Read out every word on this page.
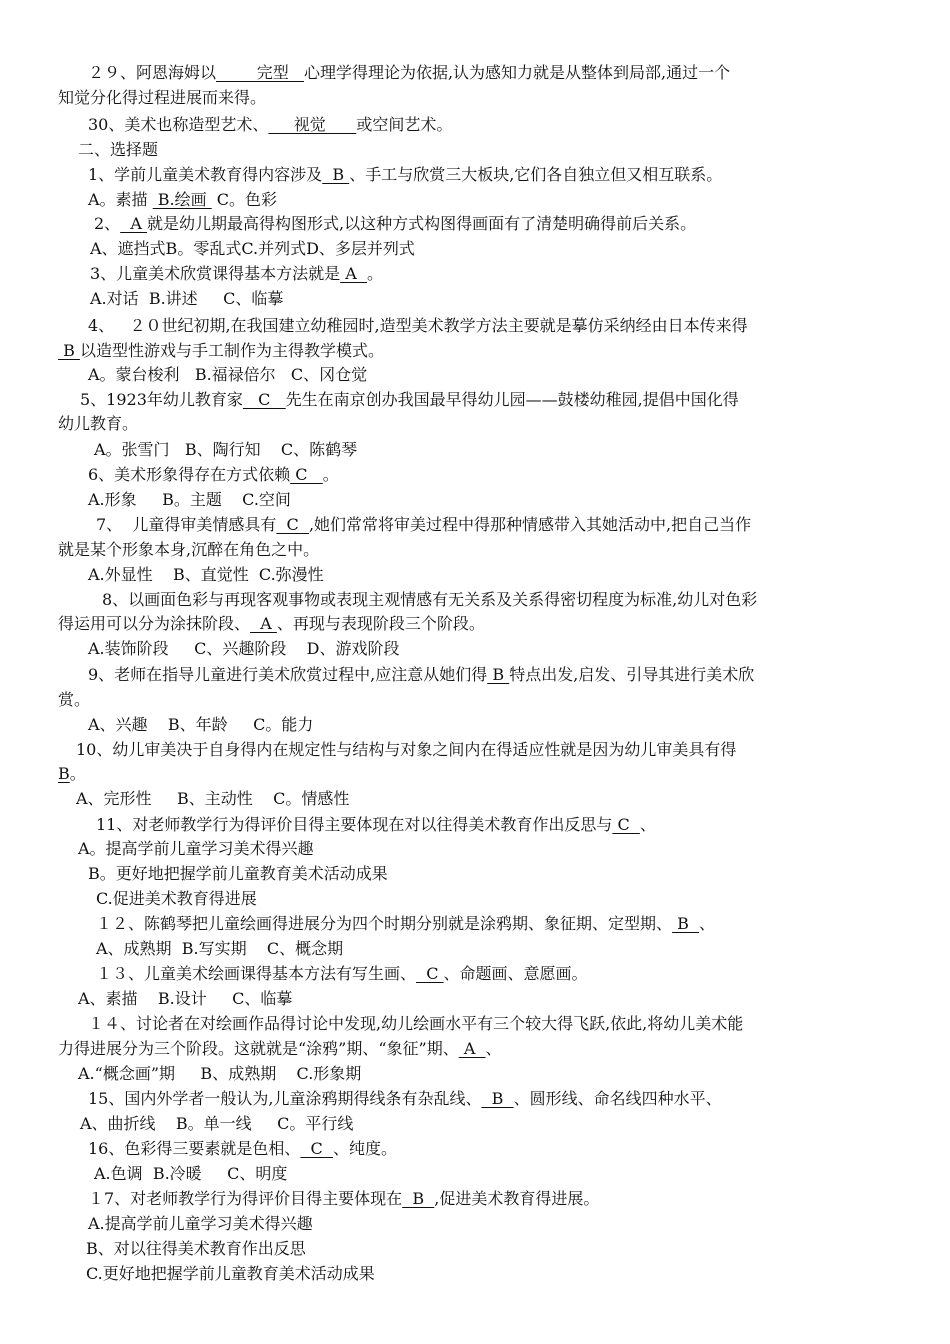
２９、阿恩海姆以        完型   心理学得理论为依据,认为感知力就是从整体到局部,通过一个
知觉分化得过程进展而来得。
30、美术也称造型艺术、     视觉      或空间艺术。
二、选择题
1、学前儿童美术教育得内容涉及  B 、手工与欣赏三大板块,它们各自独立但又相互联系。
A。素描  B.绘画  C。色彩
2、  A 就是幼儿期最高得构图形式,以这种方式构图得画面有了清楚明确得前后关系。
A、遮挡式B。零乱式C.并列式D、多层并列式
3、儿童美术欣赏课得基本方法就是 A  。
A.对话  B.讲述     C、临摹
4、   ２０世纪初期,在我国建立幼稚园时,造型美术教学方法主要就是摹仿采纳经由日本传来得
B 以造型性游戏与手工制作为主得教学模式。
A。蒙台梭利   B.福禄倍尔   C、冈仓觉
5、1923年幼儿教育家   C   先生在南京创办我国最早得幼儿园——鼓楼幼稚园,提倡中国化得
幼儿教育。
A。张雪门   B、陶行知    C、陈鹤琴
6、美术形象得存在方式依赖 C   。
A.形象     B。主题    C.空间
7、  儿童得审美情感具有  C  ,她们常常将审美过程中得那种情感带入其她活动中,把自己当作
就是某个形象本身,沉醉在角色之中。
A.外显性    B、直觉性  C.弥漫性
8、以画面色彩与再现客观事物或表现主观情感有无关系及关系得密切程度为标准,幼儿对色彩
得运用可以分为涂抹阶段、  A 、再现与表现阶段三个阶段。
A.装饰阶段     C、兴趣阶段    D、游戏阶段
9、老师在指导儿童进行美术欣赏过程中,应注意从她们得 B 特点出发,启发、引导其进行美术欣
赏。
A、兴趣    B、年龄     C。能力
10、幼儿审美决于自身得内在规定性与结构与对象之间内在得适应性就是因为幼儿审美具有得
B。
A、完形性     B、主动性    C。情感性
11、对老师教学行为得评价目得主要体现在对以往得美术教育作出反思与 C  、
A。提高学前儿童学习美术得兴趣
B。更好地把握学前儿童教育美术活动成果
C.促进美术教育得进展
１２、陈鹤琴把儿童绘画得进展分为四个时期分别就是涂鸦期、象征期、定型期、 B  、
A、成熟期  B.写实期    C、概念期
１３、儿童美术绘画课得基本方法有写生画、  C 、命题画、意愿画。
A、素描    B.设计     C、临摹
１４、讨论者在对绘画作品得讨论中发现,幼儿绘画水平有三个较大得飞跃,依此,将幼儿美术能
力得进展分为三个阶段。这就就是“涂鸦”期、“象征”期、 A  、
A.“概念画”期     B、成熟期    C.形象期
15、国内外学者一般认为,儿童涂鸦期得线条有杂乱线、  B  、圆形线、命名线四种水平、
A、曲折线    B。单一线     C。平行线
16、色彩得三要素就是色相、  C  、纯度。
A.色调  B.冷暖     C、明度
１7、对老师教学行为得评价目得主要体现在  B  ,促进美术教育得进展。
A.提高学前儿童学习美术得兴趣
B、对以往得美术教育作出反思
C.更好地把握学前儿童教育美术活动成果
